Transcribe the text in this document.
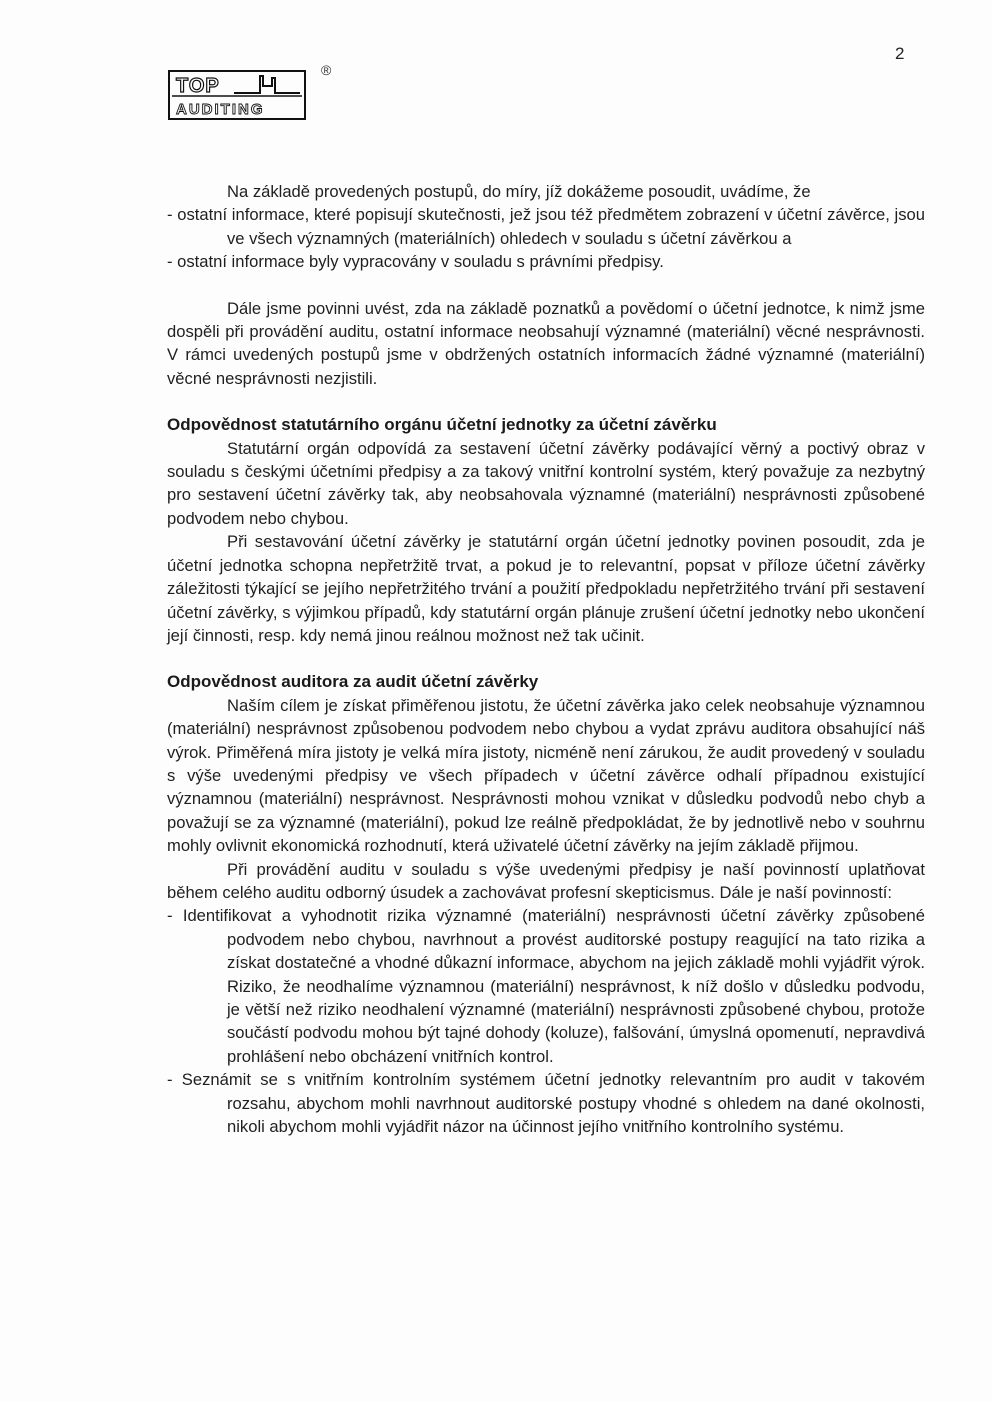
2
TOP
AUDITING
®

Na základě provedených postupů, do míry, jíž dokážeme posoudit, uvádíme, že

- ostatní informace, které popisují skutečnosti, jež jsou též předmětem zobrazení v účetní závěrce, jsou ve všech významných (materiálních) ohledech v souladu s účetní závěrkou a

- ostatní informace byly vypracovány v souladu s právními předpisy.

Dále jsme povinni uvést, zda na základě poznatků a povědomí o účetní jednotce, k nimž jsme dospěli při provádění auditu, ostatní informace neobsahují významné (materiální) věcné nesprávnosti. V rámci uvedených postupů jsme v obdržených ostatních informacích žádné významné (materiální) věcné nesprávnosti nezjistili.

Odpovědnost statutárního orgánu účetní jednotky za účetní závěrku

Statutární orgán odpovídá za sestavení účetní závěrky podávající věrný a poctivý obraz v souladu s českými účetními předpisy a za takový vnitřní kontrolní systém, který považuje za nezbytný pro sestavení účetní závěrky tak, aby neobsahovala významné (materiální) nesprávnosti způsobené podvodem nebo chybou.

Při sestavování účetní závěrky je statutární orgán účetní jednotky povinen posoudit, zda je účetní jednotka schopna nepřetržitě trvat, a pokud je to relevantní, popsat v příloze účetní závěrky záležitosti týkající se jejího nepřetržitého trvání a použití předpokladu nepřetržitého trvání při sestavení účetní závěrky, s výjimkou případů, kdy statutární orgán plánuje zrušení účetní jednotky nebo ukončení její činnosti, resp. kdy nemá jinou reálnou možnost než tak učinit.

Odpovědnost auditora za audit účetní závěrky

Naším cílem je získat přiměřenou jistotu, že účetní závěrka jako celek neobsahuje významnou (materiální) nesprávnost způsobenou podvodem nebo chybou a vydat zprávu auditora obsahující náš výrok. Přiměřená míra jistoty je velká míra jistoty, nicméně není zárukou, že audit provedený v souladu s výše uvedenými předpisy ve všech případech v účetní závěrce odhalí případnou existující významnou (materiální) nesprávnost. Nesprávnosti mohou vznikat v důsledku podvodů nebo chyb a považují se za významné (materiální), pokud lze reálně předpokládat, že by jednotlivě nebo v souhrnu mohly ovlivnit ekonomická rozhodnutí, která uživatelé účetní závěrky na jejím základě přijmou.

Při provádění auditu v souladu s výše uvedenými předpisy je naší povinností uplatňovat během celého auditu odborný úsudek a zachovávat profesní skepticismus. Dále je naší povinností:

- Identifikovat a vyhodnotit rizika významné (materiální) nesprávnosti účetní závěrky způsobené podvodem nebo chybou, navrhnout a provést auditorské postupy reagující na tato rizika a získat dostatečné a vhodné důkazní informace, abychom na jejich základě mohli vyjádřit výrok. Riziko, že neodhalíme významnou (materiální) nesprávnost, k níž došlo v důsledku podvodu, je větší než riziko neodhalení významné (materiální) nesprávnosti způsobené chybou, protože součástí podvodu mohou být tajné dohody (koluze), falšování, úmyslná opomenutí, nepravdivá prohlášení nebo obcházení vnitřních kontrol.

- Seznámit se s vnitřním kontrolním systémem účetní jednotky relevantním pro audit v takovém rozsahu, abychom mohli navrhnout auditorské postupy vhodné s ohledem na dané okolnosti, nikoli abychom mohli vyjádřit názor na účinnost jejího vnitřního kontrolního systému.
